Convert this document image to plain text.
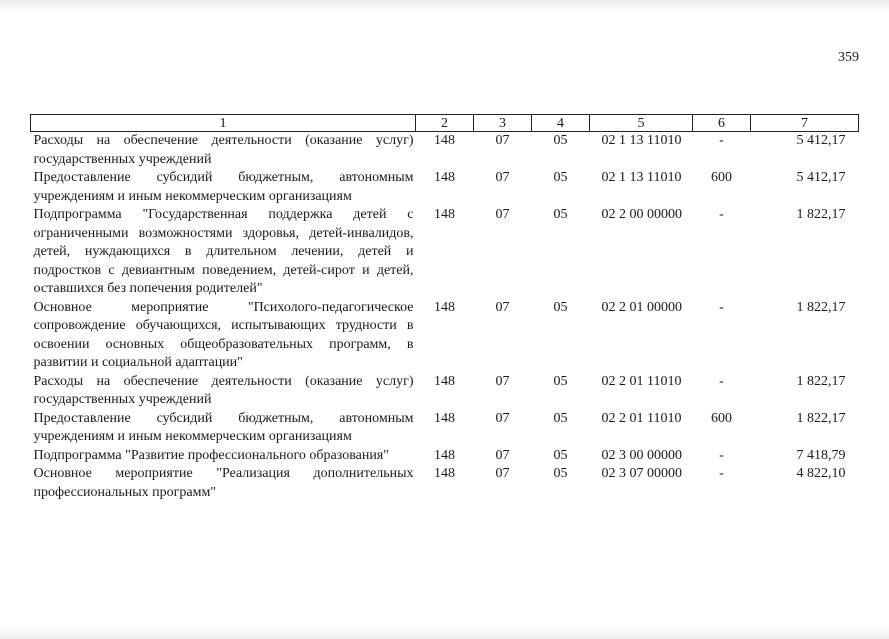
359
1	2	3	4	5	6	7
Расходы на обеспечение деятельности (оказание услуг) государственных учреждений	148	07	05	02 1 13 11010	-	5 412,17
Предоставление субсидий бюджетным, автономным учреждениям и иным некоммерческим организациям	148	07	05	02 1 13 11010	600	5 412,17
Подпрограмма "Государственная поддержка детей с ограниченными возможностями здоровья, детей-инвалидов, детей, нуждающихся в длительном лечении, детей и подростков с девиантным поведением, детей-сирот и детей, оставшихся без попечения родителей"	148	07	05	02 2 00 00000	-	1 822,17
Основное мероприятие "Психолого-педагогическое сопровождение обучающихся, испытывающих трудности в освоении основных общеобразовательных программ, в развитии и социальной адаптации"	148	07	05	02 2 01 00000	-	1 822,17
Расходы на обеспечение деятельности (оказание услуг) государственных учреждений	148	07	05	02 2 01 11010	-	1 822,17
Предоставление субсидий бюджетным, автономным учреждениям и иным некоммерческим организациям	148	07	05	02 2 01 11010	600	1 822,17
Подпрограмма "Развитие профессионального образования"	148	07	05	02 3 00 00000	-	7 418,79
Основное мероприятие "Реализация дополнительных профессиональных программ"	148	07	05	02 3 07 00000	-	4 822,10
